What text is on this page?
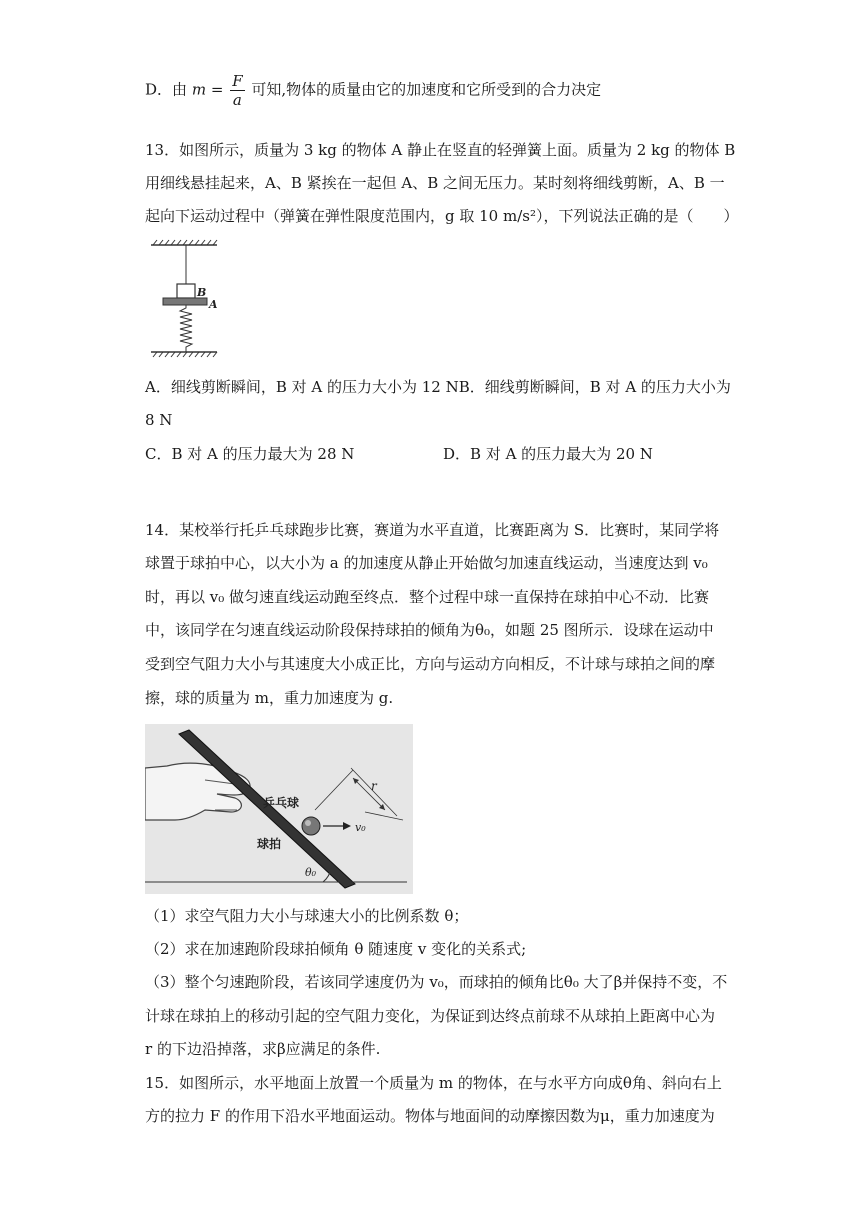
D．由 $m = \frac{F}{a}$ 可知,物体的质量由它的加速度和它所受到的合力决定
13．如图所示，质量为 3 kg 的物体 A 静止在竖直的轻弹簧上面。质量为 2 kg 的物体 B
用细线悬挂起来，A、B 紧挨在一起但 A、B 之间无压力。某时刻将细线剪断，A、B 一
起向下运动过程中（弹簧在弹性限度范围内，g 取 10 m/s²），下列说法正确的是（　　）
B
A
A．细线剪断瞬间，B 对 A 的压力大小为 12 NB．细线剪断瞬间，B 对 A 的压力大小为
8 N
C．B 对 A 的压力最大为 28 N	D．B 对 A 的压力最大为 20 N
14．某校举行托乒乓球跑步比赛，赛道为水平直道，比赛距离为 S．比赛时，某同学将
球置于球拍中心，以大小为 a 的加速度从静止开始做匀加速直线运动，当速度达到 v₀
时，再以 v₀ 做匀速直线运动跑至终点．整个过程中球一直保持在球拍中心不动．比赛
中，该同学在匀速直线运动阶段保持球拍的倾角为θ₀，如题 25 图所示．设球在运动中
受到空气阻力大小与其速度大小成正比，方向与运动方向相反，不计球与球拍之间的摩
擦，球的质量为 m，重力加速度为 g.
乒乓球
球拍
v₀
r
θ₀
（1）求空气阻力大小与球速大小的比例系数 θ；
（2）求在加速跑阶段球拍倾角 θ 随速度 v 变化的关系式;
（3）整个匀速跑阶段，若该同学速度仍为 v₀，而球拍的倾角比θ₀ 大了β并保持不变，不
计球在球拍上的移动引起的空气阻力变化，为保证到达终点前球不从球拍上距离中心为
r 的下边沿掉落，求β应满足的条件.
15．如图所示，水平地面上放置一个质量为 m 的物体，在与水平方向成θ角、斜向右上
方的拉力 F 的作用下沿水平地面运动。物体与地面间的动摩擦因数为μ，重力加速度为
